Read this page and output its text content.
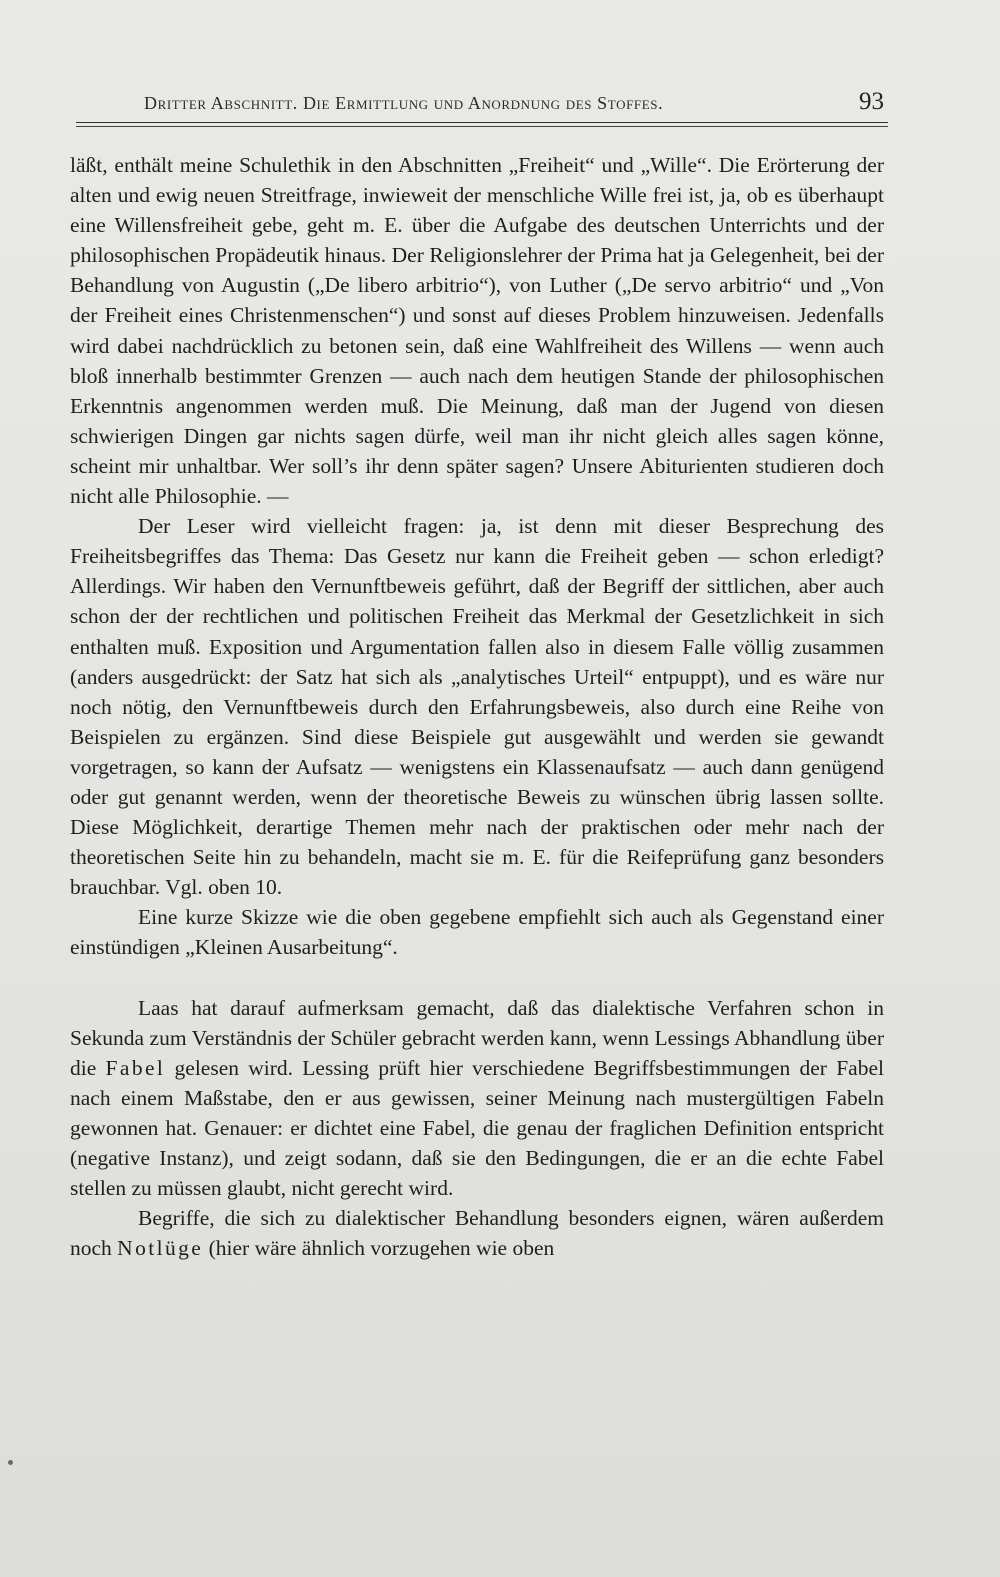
Dritter Abschnitt. Die Ermittlung und Anordnung des Stoffes.	93

läßt, enthält meine Schulethik in den Abschnitten „Freiheit“ und „Wille“. Die Erörterung der alten und ewig neuen Streitfrage, inwieweit der menschliche Wille frei ist, ja, ob es überhaupt eine Willensfreiheit gebe, geht m. E. über die Aufgabe des deutschen Unterrichts und der philosophischen Propädeutik hinaus. Der Religionslehrer der Prima hat ja Gelegenheit, bei der Behandlung von Augustin („De libero arbitrio“), von Luther („De servo arbitrio“ und „Von der Freiheit eines Christenmenschen“) und sonst auf dieses Problem hinzuweisen. Jedenfalls wird dabei nachdrücklich zu betonen sein, daß eine Wahlfreiheit des Willens — wenn auch bloß innerhalb bestimmter Grenzen — auch nach dem heutigen Stande der philosophischen Erkenntnis angenommen werden muß. Die Meinung, daß man der Jugend von diesen schwierigen Dingen gar nichts sagen dürfe, weil man ihr nicht gleich alles sagen könne, scheint mir unhaltbar. Wer soll’s ihr denn später sagen? Unsere Abiturienten studieren doch nicht alle Philosophie. —

Der Leser wird vielleicht fragen: ja, ist denn mit dieser Besprechung des Freiheitsbegriffes das Thema: Das Gesetz nur kann die Freiheit geben — schon erledigt? Allerdings. Wir haben den Vernunftbeweis geführt, daß der Begriff der sittlichen, aber auch schon der der rechtlichen und politischen Freiheit das Merkmal der Gesetzlichkeit in sich enthalten muß. Exposition und Argumentation fallen also in diesem Falle völlig zusammen (anders ausgedrückt: der Satz hat sich als „analytisches Urteil“ entpuppt), und es wäre nur noch nötig, den Vernunftbeweis durch den Erfahrungsbeweis, also durch eine Reihe von Beispielen zu ergänzen. Sind diese Beispiele gut ausgewählt und werden sie gewandt vorgetragen, so kann der Aufsatz — wenigstens ein Klassenaufsatz — auch dann genügend oder gut genannt werden, wenn der theoretische Beweis zu wünschen übrig lassen sollte. Diese Möglichkeit, derartige Themen mehr nach der praktischen oder mehr nach der theoretischen Seite hin zu behandeln, macht sie m. E. für die Reifeprüfung ganz besonders brauchbar. Vgl. oben 10.

Eine kurze Skizze wie die oben gegebene empfiehlt sich auch als Gegenstand einer einstündigen „Kleinen Ausarbeitung“.

Laas hat darauf aufmerksam gemacht, daß das dialektische Verfahren schon in Sekunda zum Verständnis der Schüler gebracht werden kann, wenn Lessings Abhandlung über die Fabel gelesen wird. Lessing prüft hier verschiedene Begriffsbestimmungen der Fabel nach einem Maßstabe, den er aus gewissen, seiner Meinung nach mustergültigen Fabeln gewonnen hat. Genauer: er dichtet eine Fabel, die genau der fraglichen Definition entspricht (negative Instanz), und zeigt sodann, daß sie den Bedingungen, die er an die echte Fabel stellen zu müssen glaubt, nicht gerecht wird.

Begriffe, die sich zu dialektischer Behandlung besonders eignen, wären außerdem noch Notlüge (hier wäre ähnlich vorzugehen wie oben
